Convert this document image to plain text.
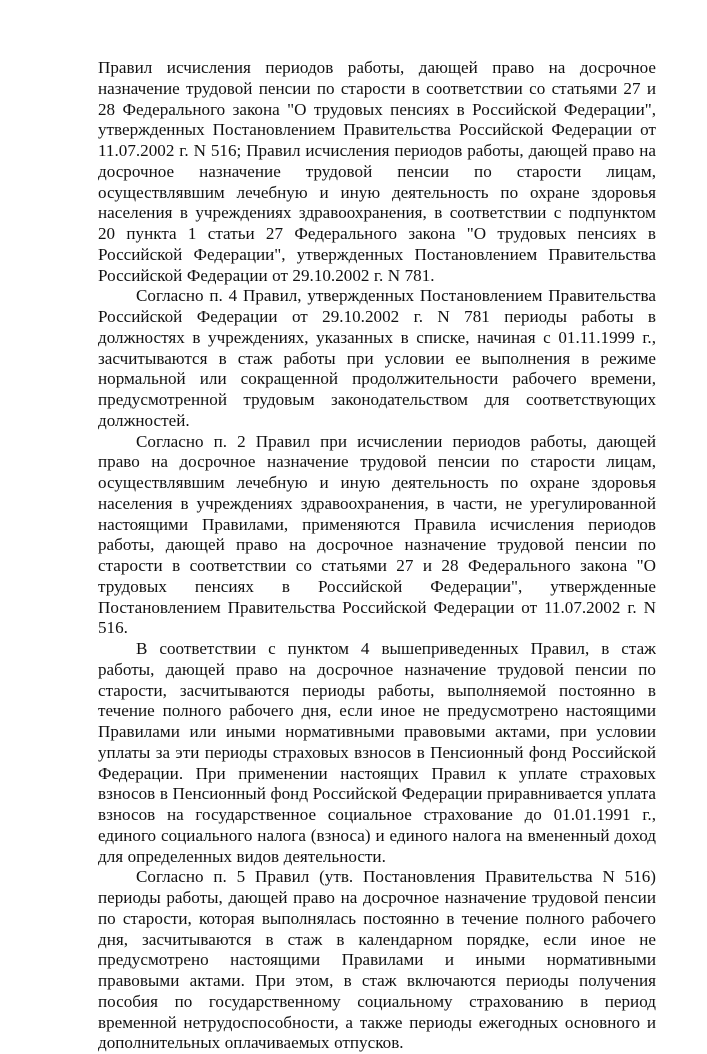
Правил исчисления периодов работы, дающей право на досрочное назначение трудовой пенсии по старости в соответствии со статьями 27 и 28 Федерального закона "О трудовых пенсиях в Российской Федерации", утвержденных Постановлением Правительства Российской Федерации от 11.07.2002 г. N 516; Правил исчисления периодов работы, дающей право на досрочное назначение трудовой пенсии по старости лицам, осуществлявшим лечебную и иную деятельность по охране здоровья населения в учреждениях здравоохранения, в соответствии с подпунктом 20 пункта 1 статьи 27 Федерального закона "О трудовых пенсиях в Российской Федерации", утвержденных Постановлением Правительства Российской Федерации от 29.10.2002 г. N 781.

Согласно п. 4 Правил, утвержденных Постановлением Правительства Российской Федерации от 29.10.2002 г. N 781 периоды работы в должностях в учреждениях, указанных в списке, начиная с 01.11.1999 г., засчитываются в стаж работы при условии ее выполнения в режиме нормальной или сокращенной продолжительности рабочего времени, предусмотренной трудовым законодательством для соответствующих должностей.

Согласно п. 2 Правил при исчислении периодов работы, дающей право на досрочное назначение трудовой пенсии по старости лицам, осуществлявшим лечебную и иную деятельность по охране здоровья населения в учреждениях здравоохранения, в части, не урегулированной настоящими Правилами, применяются Правила исчисления периодов работы, дающей право на досрочное назначение трудовой пенсии по старости в соответствии со статьями 27 и 28 Федерального закона "О трудовых пенсиях в Российской Федерации", утвержденные Постановлением Правительства Российской Федерации от 11.07.2002 г. N 516.

В соответствии с пунктом 4 вышеприведенных Правил, в стаж работы, дающей право на досрочное назначение трудовой пенсии по старости, засчитываются периоды работы, выполняемой постоянно в течение полного рабочего дня, если иное не предусмотрено настоящими Правилами или иными нормативными правовыми актами, при условии уплаты за эти периоды страховых взносов в Пенсионный фонд Российской Федерации. При применении настоящих Правил к уплате страховых взносов в Пенсионный фонд Российской Федерации приравнивается уплата взносов на государственное социальное страхование до 01.01.1991 г., единого социального налога (взноса) и единого налога на вмененный доход для определенных видов деятельности.

Согласно п. 5 Правил (утв. Постановления Правительства N 516) периоды работы, дающей право на досрочное назначение трудовой пенсии по старости, которая выполнялась постоянно в течение полного рабочего дня, засчитываются в стаж в календарном порядке, если иное не предусмотрено настоящими Правилами и иными нормативными правовыми актами. При этом, в стаж включаются периоды получения пособия по государственному социальному страхованию в период временной нетрудоспособности, а также периоды ежегодных основного и дополнительных оплачиваемых отпусков.
